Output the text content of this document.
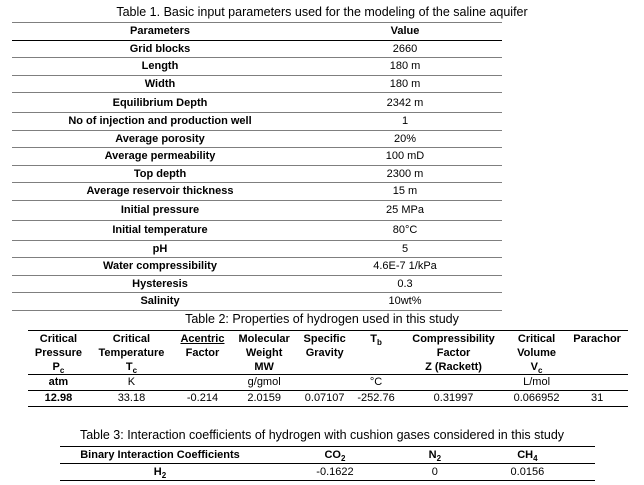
Table 1. Basic input parameters used for the modeling of the saline aquifer
Parameters	Value
Grid blocks	2660
Length	180 m
Width	180 m
Equilibrium Depth	2342 m
No of injection and production well	1
Average porosity	20%
Average permeability	100 mD
Top depth	2300 m
Average reservoir thickness	15 m
Initial pressure	25 MPa
Initial temperature	80°C
pH	5
Water compressibility	4.6E-7 1/kPa
Hysteresis	0.3
Salinity	10wt%
Table 2: Properties of hydrogen used in this study
Critical	Critical	Acentric	Molecular	Specific	$T_b$	Compressibility	Critical	Parachor
Pressure	Temperature	Factor	Weight	Gravity		Factor	Volume	
$P_c$	$T_c$		MW			Z (Rackett)	$V_c$	
atm	K		g/gmol		°C		L/mol	
12.98	33.18	-0.214	2.0159	0.07107	-252.76	0.31997	0.066952	31
Table 3: Interaction coefficients of hydrogen with cushion gases considered in this study
Binary Interaction Coefficients	$CO_2$	$N_2$	$CH_4$
$H_2$	-0.1622	0	0.0156
